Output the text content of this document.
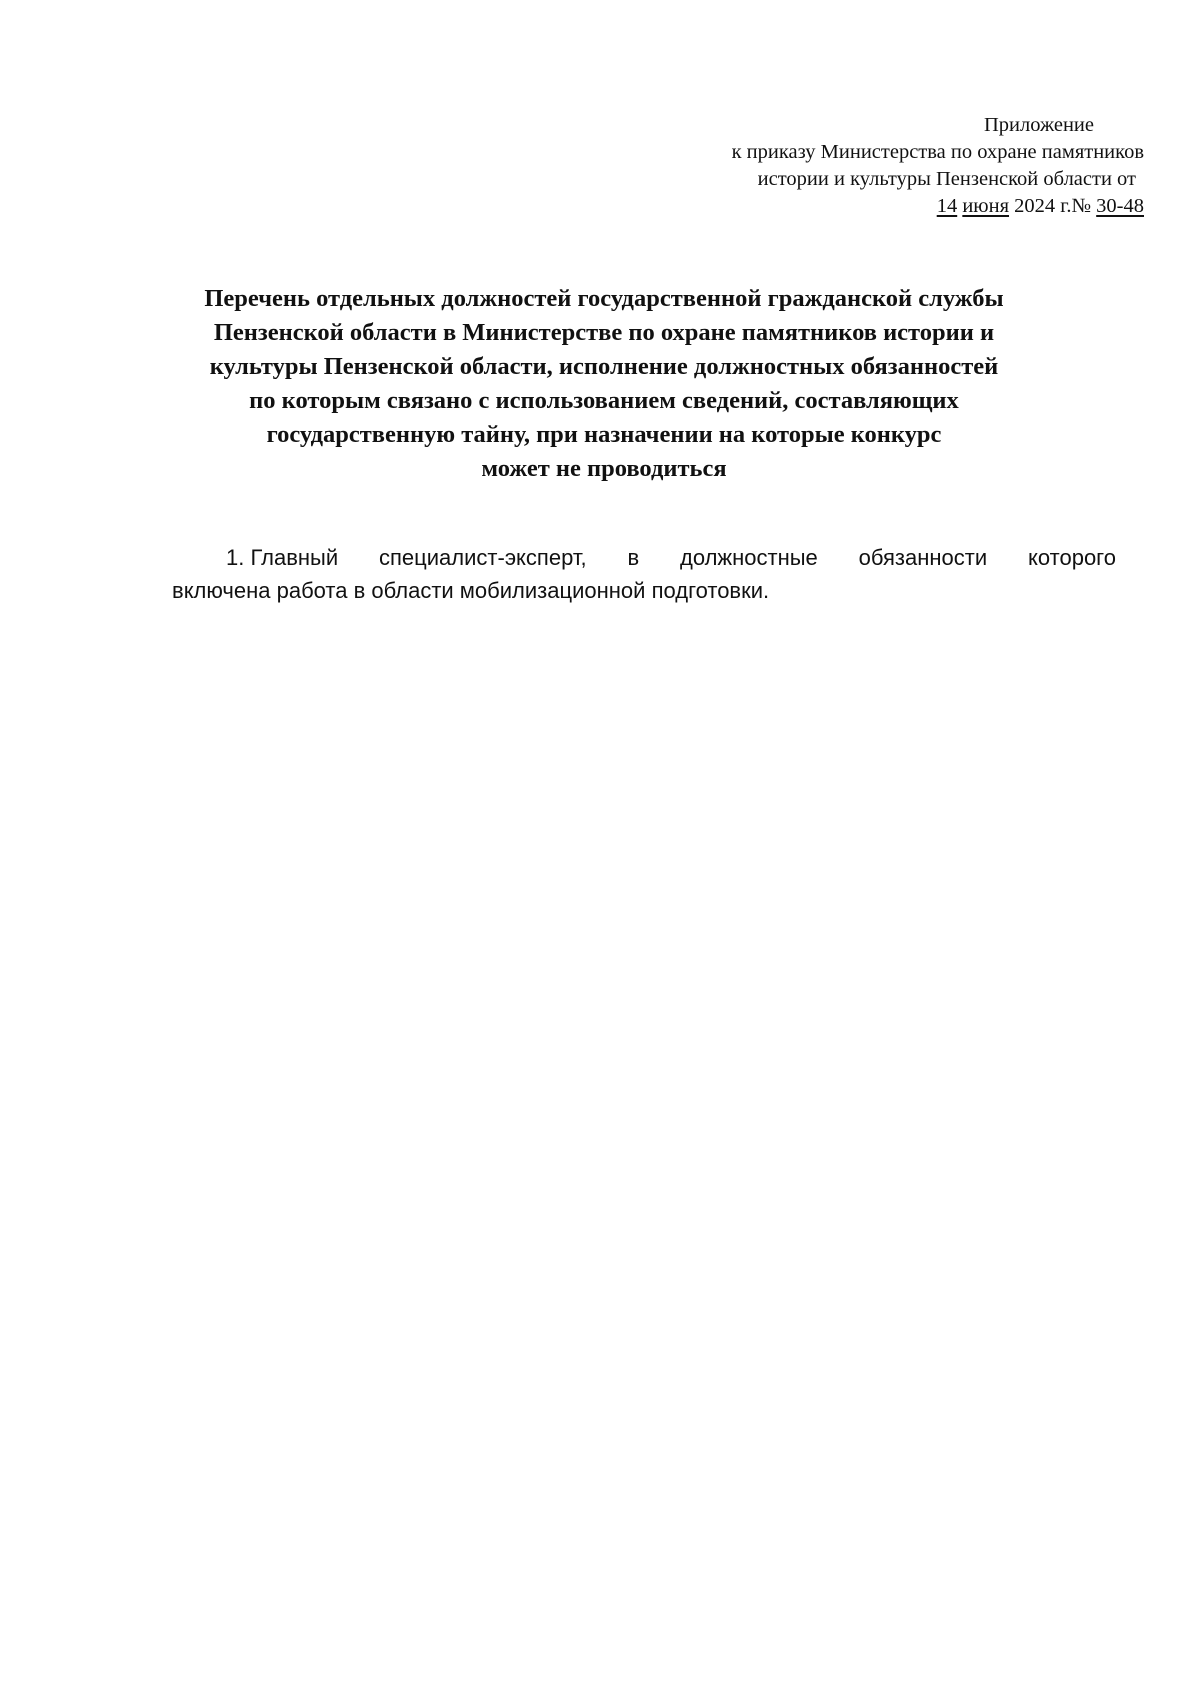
Приложение
к приказу Министерства по охране памятников
истории и культуры Пензенской области от
14 июня 2024 г.№ 30-48
Перечень отдельных должностей государственной гражданской службы
Пензенской области в Министерстве по охране памятников истории и
культуры Пензенской области, исполнение должностных обязанностей
по которым связано с использованием сведений, составляющих
государственную тайну, при назначении на которые конкурс
может не проводиться
1. Главный специалист-эксперт, в должностные обязанности которого
включена работа в области мобилизационной подготовки.
